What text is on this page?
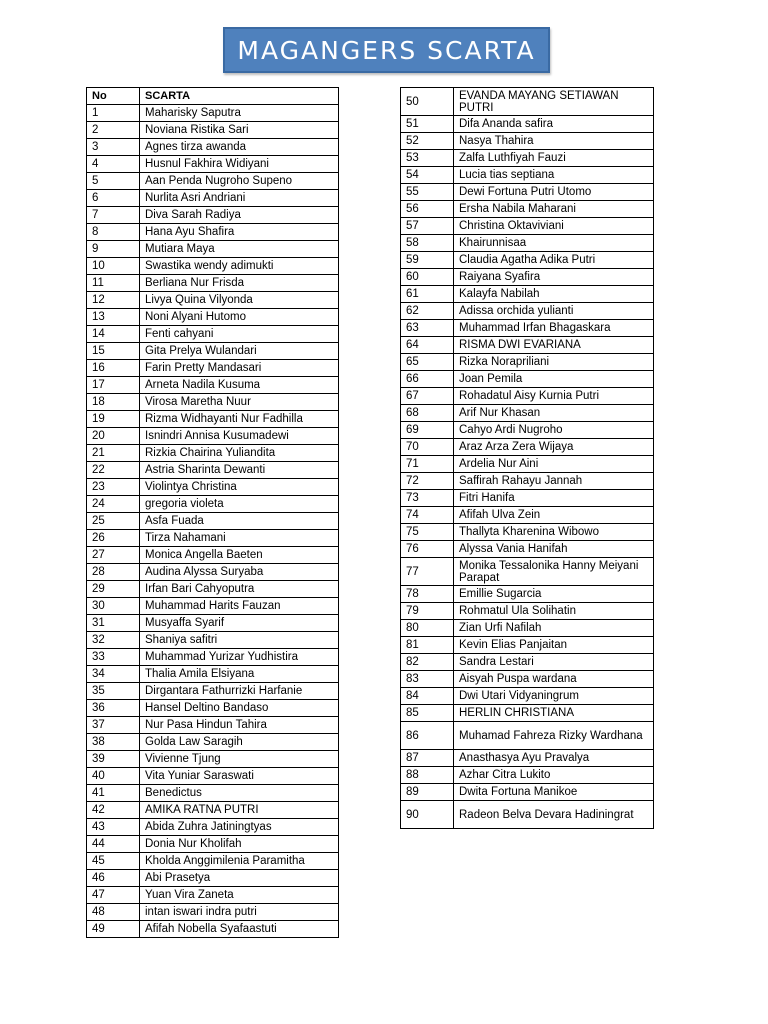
MAGANGERS SCARTA
No	SCARTA
1	Maharisky Saputra
2	Noviana Ristika Sari
3	Agnes tirza awanda
4	Husnul Fakhira Widiyani
5	Aan Penda Nugroho Supeno
6	Nurlita Asri Andriani
7	Diva Sarah Radiya
8	Hana Ayu Shafira
9	Mutiara Maya
10	Swastika wendy adimukti
11	Berliana Nur Frisda
12	Livya Quina Vilyonda
13	Noni Alyani Hutomo
14	Fenti cahyani
15	Gita Prelya Wulandari
16	Farin Pretty Mandasari
17	Arneta Nadila Kusuma
18	Virosa Maretha Nuur
19	Rizma Widhayanti Nur Fadhilla
20	Isnindri Annisa Kusumadewi
21	Rizkia Chairina Yuliandita
22	Astria Sharinta Dewanti
23	Violintya Christina
24	gregoria violeta
25	Asfa Fuada
26	Tirza Nahamani
27	Monica Angella Baeten
28	Audina Alyssa Suryaba
29	Irfan Bari Cahyoputra
30	Muhammad Harits Fauzan
31	Musyaffa Syarif
32	Shaniya safitri
33	Muhammad Yurizar Yudhistira
34	Thalia Amila Elsiyana
35	Dirgantara Fathurrizki Harfanie
36	Hansel Deltino Bandaso
37	Nur Pasa Hindun Tahira
38	Golda Law Saragih
39	Vivienne Tjung
40	Vita Yuniar Saraswati
41	Benedictus
42	AMIKA RATNA PUTRI
43	Abida Zuhra Jatiningtyas
44	Donia Nur Kholifah
45	Kholda Anggimilenia Paramitha
46	Abi Prasetya
47	Yuan Vira Zaneta
48	intan iswari indra putri
49	Afifah Nobella Syafaastuti
50	EVANDA MAYANG SETIAWAN PUTRI
51	Difa Ananda safira
52	Nasya Thahira
53	Zalfa Luthfiyah Fauzi
54	Lucia tias septiana
55	Dewi Fortuna Putri Utomo
56	Ersha Nabila Maharani
57	Christina Oktaviviani
58	Khairunnisaa
59	Claudia Agatha Adika Putri
60	Raiyana Syafira
61	Kalayfa Nabilah
62	Adissa orchida yulianti
63	Muhammad Irfan Bhagaskara
64	RISMA DWI EVARIANA
65	Rizka Norapriliani
66	Joan Pemila
67	Rohadatul Aisy Kurnia Putri
68	Arif Nur Khasan
69	Cahyo Ardi Nugroho
70	Araz Arza Zera Wijaya
71	Ardelia Nur Aini
72	Saffirah Rahayu Jannah
73	Fitri Hanifa
74	Afifah Ulva Zein
75	Thallyta Kharenina Wibowo
76	Alyssa Vania Hanifah
77	Monika Tessalonika Hanny Meiyani Parapat
78	Emillie Sugarcia
79	Rohmatul Ula Solihatin
80	Zian Urfi Nafilah
81	Kevin Elias Panjaitan
82	Sandra Lestari
83	Aisyah Puspa wardana
84	Dwi Utari Vidyaningrum
85	HERLIN CHRISTIANA
86	Muhamad Fahreza Rizky Wardhana
87	Anasthasya Ayu Pravalya
88	Azhar Citra Lukito
89	Dwita Fortuna Manikoe
90	Radeon Belva Devara Hadiningrat
